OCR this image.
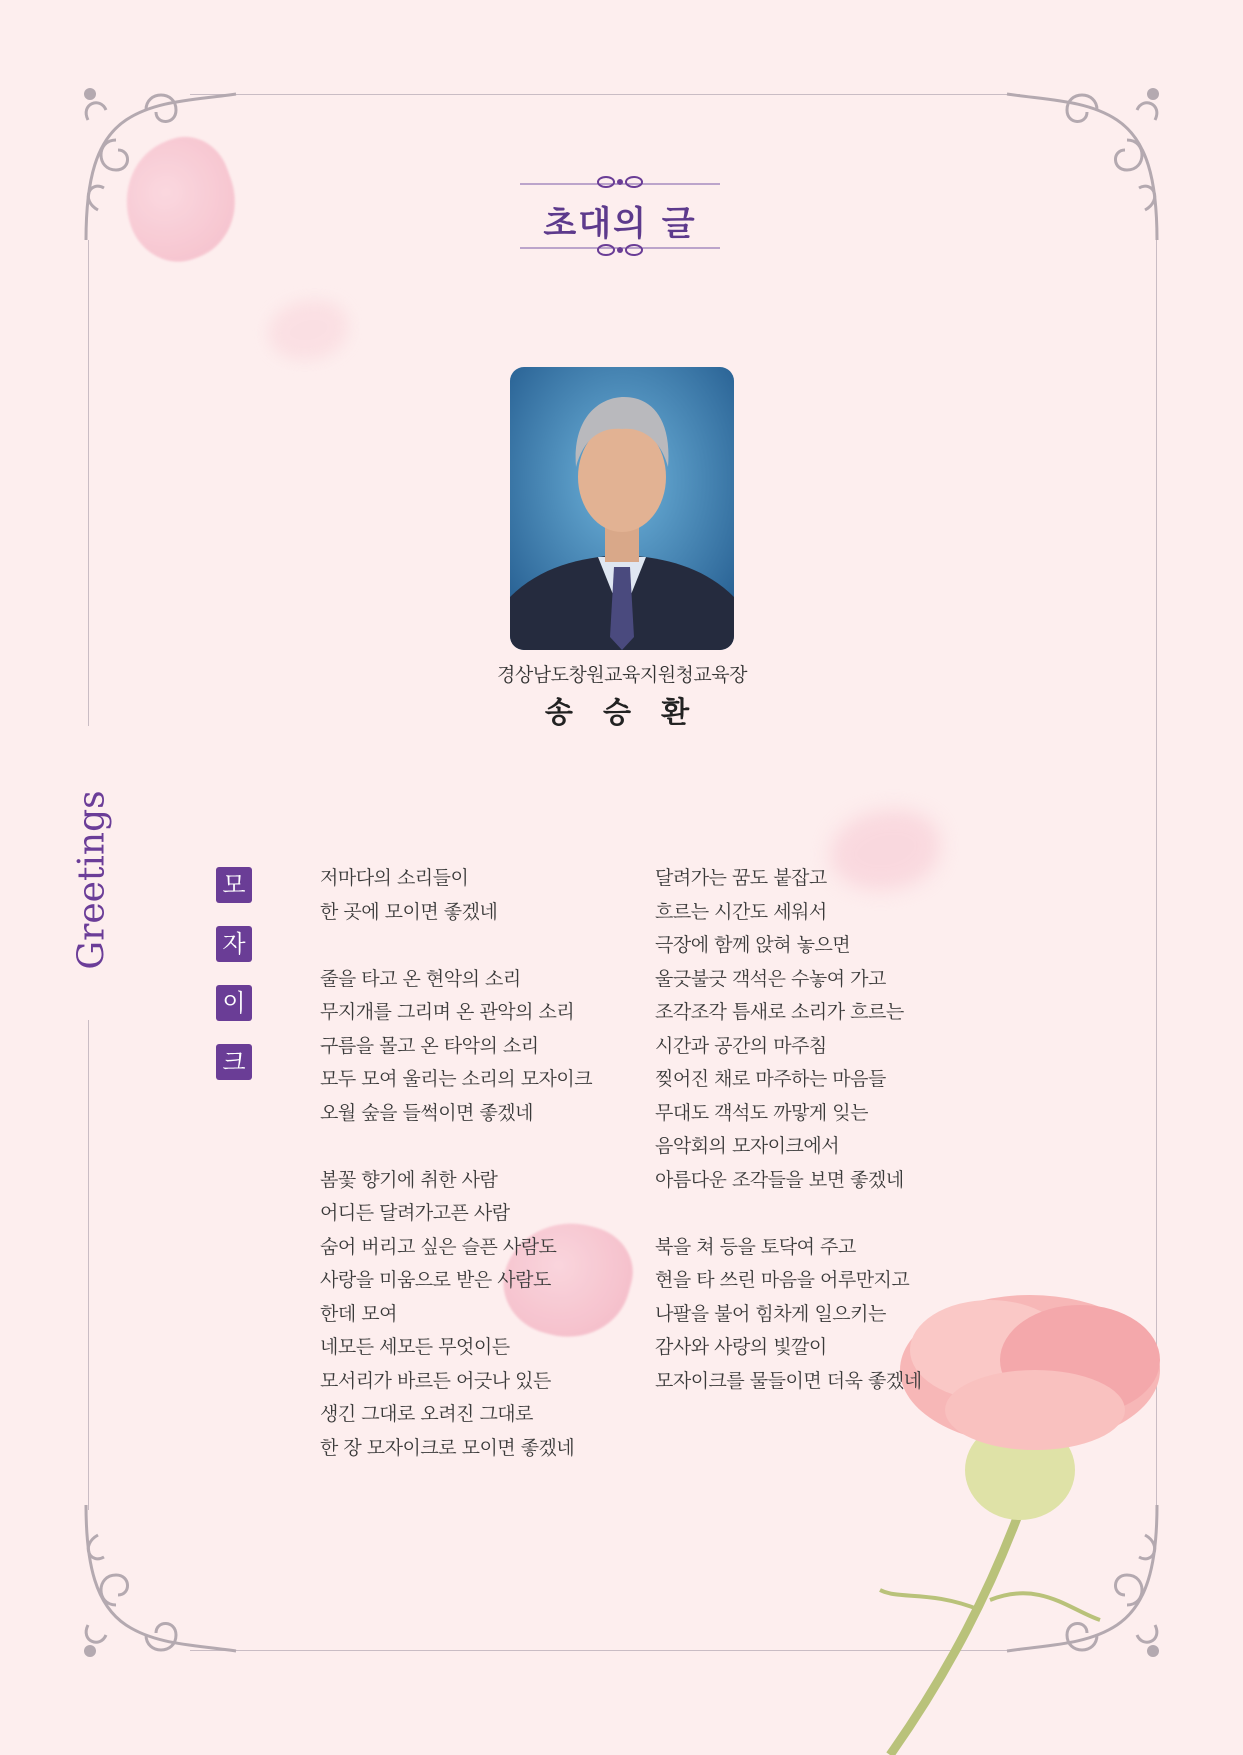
초대의 글
경상남도창원교육지원청교육장
송 승 환
Greetings	모
자
이
크
저마다의 소리들이
한 곳에 모이면 좋겠네
줄을 타고 온 현악의 소리
무지개를 그리며 온 관악의 소리
구름을 몰고 온 타악의 소리
모두 모여 울리는 소리의 모자이크
오월 숲을 들썩이면 좋겠네
봄꽃 향기에 취한 사람
어디든 달려가고픈 사람
숨어 버리고 싶은 슬픈 사람도
사랑을 미움으로 받은 사람도
한데 모여
네모든 세모든 무엇이든
모서리가 바르든 어긋나 있든
생긴 그대로 오려진 그대로
한 장 모자이크로 모이면 좋겠네
달려가는 꿈도 붙잡고
흐르는 시간도 세워서
극장에 함께 앉혀 놓으면
울긋불긋 객석은 수놓여 가고
조각조각 틈새로 소리가 흐르는
시간과 공간의 마주침
찢어진 채로 마주하는 마음들
무대도 객석도 까맣게 잊는
음악회의 모자이크에서
아름다운 조각들을 보면 좋겠네
북을 쳐 등을 토닥여 주고
현을 타 쓰린 마음을 어루만지고
나팔을 불어 힘차게 일으키는
감사와 사랑의 빛깔이
모자이크를 물들이면 더욱 좋겠네
